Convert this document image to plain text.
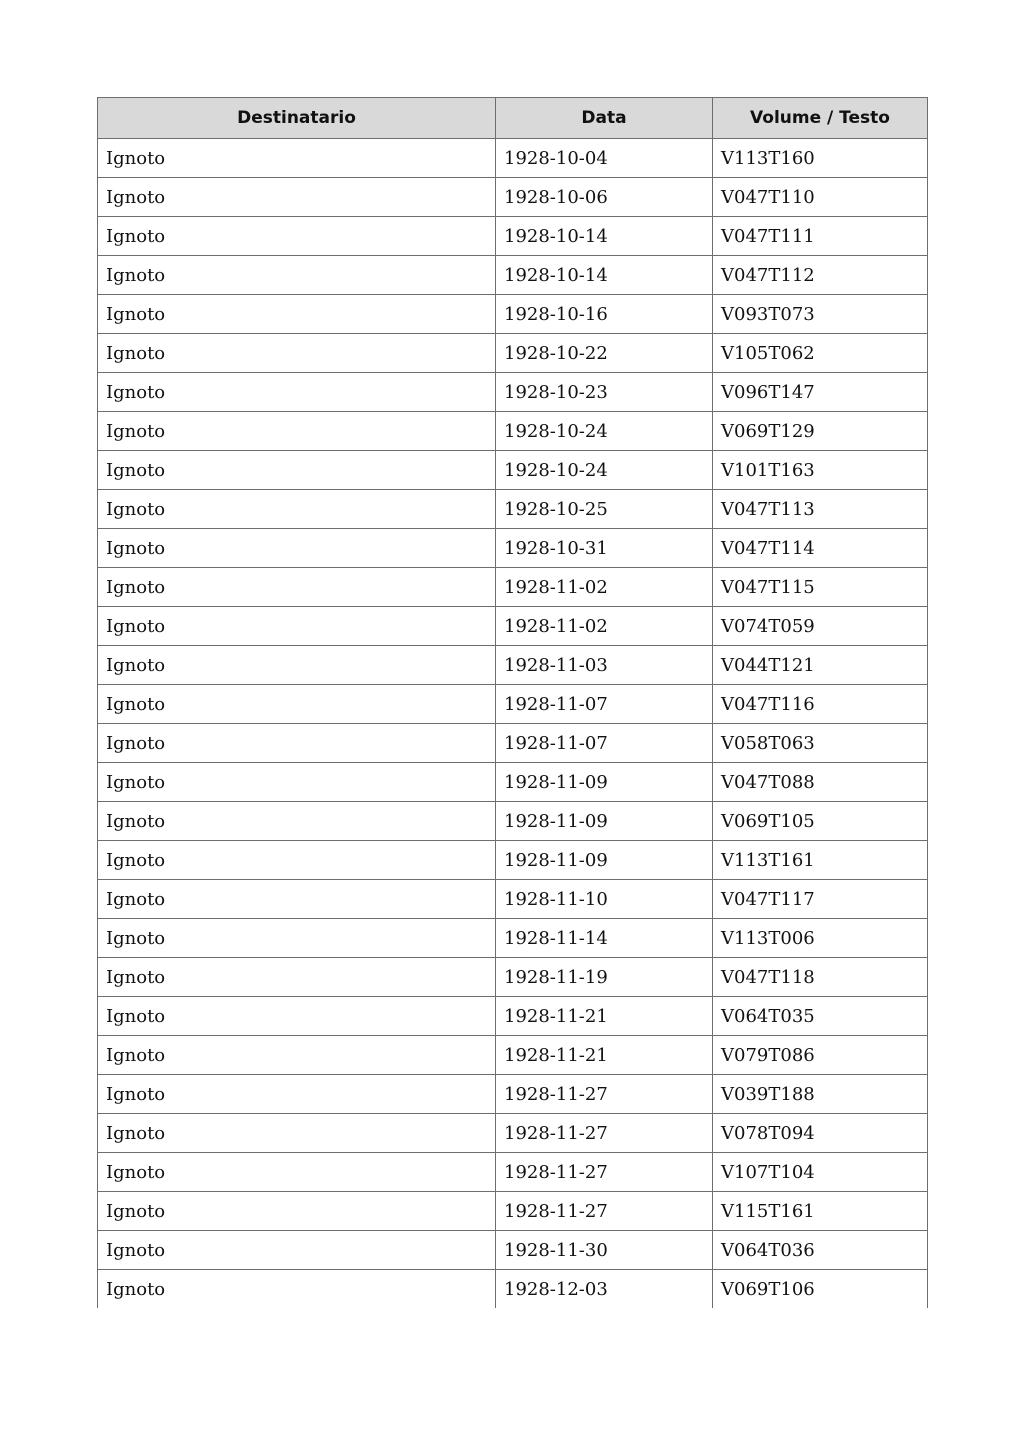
Destinatario	Data	Volume / Testo
Ignoto	1928-10-04	V113T160
Ignoto	1928-10-06	V047T110
Ignoto	1928-10-14	V047T111
Ignoto	1928-10-14	V047T112
Ignoto	1928-10-16	V093T073
Ignoto	1928-10-22	V105T062
Ignoto	1928-10-23	V096T147
Ignoto	1928-10-24	V069T129
Ignoto	1928-10-24	V101T163
Ignoto	1928-10-25	V047T113
Ignoto	1928-10-31	V047T114
Ignoto	1928-11-02	V047T115
Ignoto	1928-11-02	V074T059
Ignoto	1928-11-03	V044T121
Ignoto	1928-11-07	V047T116
Ignoto	1928-11-07	V058T063
Ignoto	1928-11-09	V047T088
Ignoto	1928-11-09	V069T105
Ignoto	1928-11-09	V113T161
Ignoto	1928-11-10	V047T117
Ignoto	1928-11-14	V113T006
Ignoto	1928-11-19	V047T118
Ignoto	1928-11-21	V064T035
Ignoto	1928-11-21	V079T086
Ignoto	1928-11-27	V039T188
Ignoto	1928-11-27	V078T094
Ignoto	1928-11-27	V107T104
Ignoto	1928-11-27	V115T161
Ignoto	1928-11-30	V064T036
Ignoto	1928-12-03	V069T106
